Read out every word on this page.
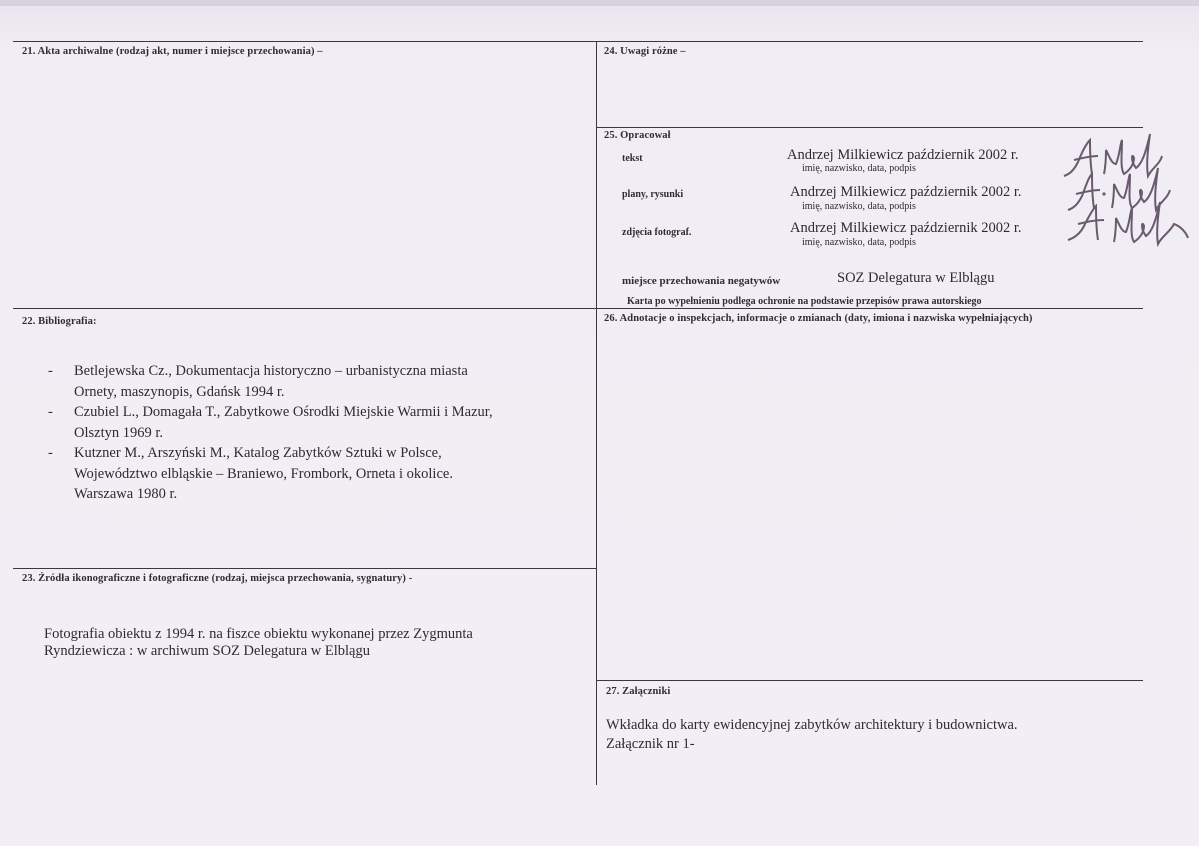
21. Akta archiwalne (rodzaj akt, numer i miejsce przechowania) –	24. Uwagi różne –
25. Opracował
tekst	Andrzej Milkiewicz październik 2002 r.
imię, nazwisko, data, podpis
plany, rysunki	Andrzej Milkiewicz październik 2002 r.
imię, nazwisko, data, podpis
zdjęcia fotograf.	Andrzej Milkiewicz październik 2002 r.
imię, nazwisko, data, podpis
miejsce przechowania negatywów	SOZ Delegatura w Elblągu
Karta po wypełnieniu podlega ochronie na podstawie przepisów prawa autorskiego
22. Bibliografia:
- Betlejewska Cz., Dokumentacja historyczno – urbanistyczna miasta
Ornety, maszynopis, Gdańsk 1994 r.
- Czubiel L., Domagała T., Zabytkowe Ośrodki Miejskie Warmii i Mazur,
Olsztyn 1969 r.
- Kutzner M., Arszyński M., Katalog Zabytków Sztuki w Polsce,
Województwo elbląskie – Braniewo, Frombork, Orneta i okolice.
Warszawa 1980 r.
26. Adnotacje o inspekcjach, informacje o zmianach (daty, imiona i nazwiska wypełniających)
23. Źródła ikonograficzne i fotograficzne (rodzaj, miejsca przechowania, sygnatury) -
Fotografia obiektu z 1994 r. na fiszce obiektu wykonanej przez Zygmunta
Ryndziewicza : w archiwum SOZ Delegatura w Elblągu
27. Załączniki
Wkładka do karty ewidencyjnej zabytków architektury i budownictwa.
Załącznik nr 1-
